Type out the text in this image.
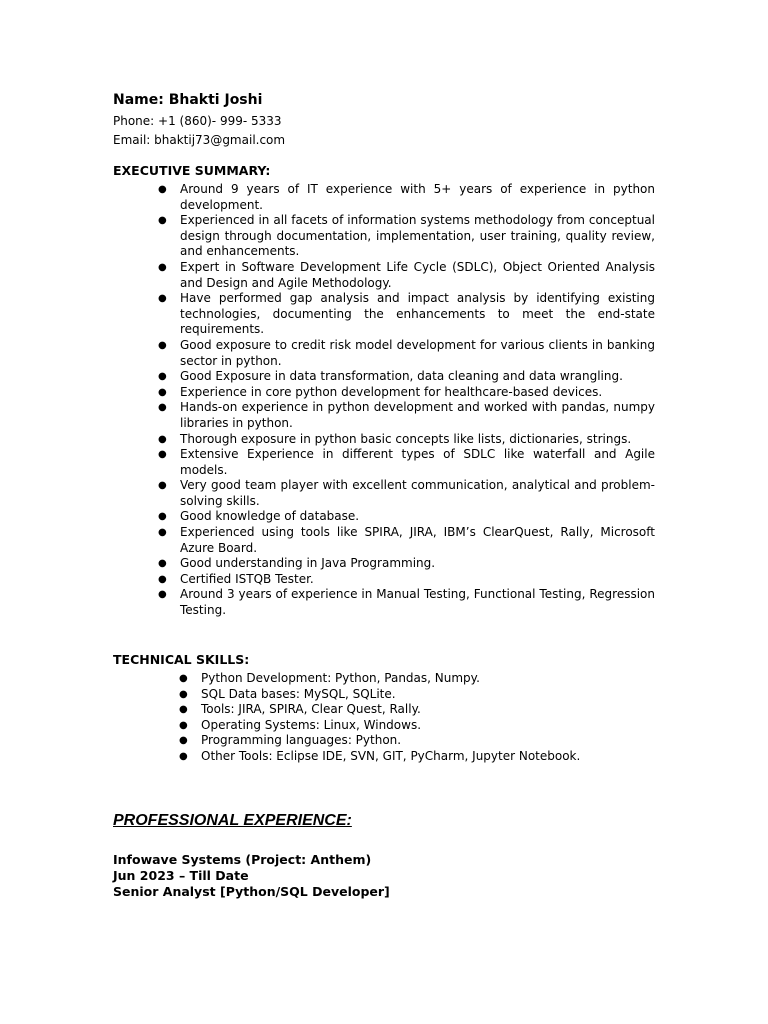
Name: Bhakti Joshi
Phone: +1 (860)- 999- 5333
Email: bhaktij73@gmail.com
EXECUTIVE SUMMARY:
● Around 9 years of IT experience with 5+ years of experience in python development.
● Experienced in all facets of information systems methodology from conceptual design through documentation, implementation, user training, quality review, and enhancements.
● Expert in Software Development Life Cycle (SDLC), Object Oriented Analysis and Design and Agile Methodology.
● Have performed gap analysis and impact analysis by identifying existing technologies, documenting the enhancements to meet the end-state requirements.
● Good exposure to credit risk model development for various clients in banking sector in python.
● Good Exposure in data transformation, data cleaning and data wrangling.
● Experience in core python development for healthcare-based devices.
● Hands-on experience in python development and worked with pandas, numpy libraries in python.
● Thorough exposure in python basic concepts like lists, dictionaries, strings.
● Extensive Experience in different types of SDLC like waterfall and Agile models.
● Very good team player with excellent communication, analytical and problem-solving skills.
● Good knowledge of database.
● Experienced using tools like SPIRA, JIRA, IBM’s ClearQuest, Rally, Microsoft Azure Board.
● Good understanding in Java Programming.
● Certified ISTQB Tester.
● Around 3 years of experience in Manual Testing, Functional Testing, Regression Testing.
TECHNICAL SKILLS:
● Python Development: Python, Pandas, Numpy.
● SQL Data bases: MySQL, SQLite.
● Tools: JIRA, SPIRA, Clear Quest, Rally.
● Operating Systems: Linux, Windows.
● Programming languages: Python.
● Other Tools: Eclipse IDE, SVN, GIT, PyCharm, Jupyter Notebook.
PROFESSIONAL EXPERIENCE:
Infowave Systems (Project: Anthem)
Jun 2023 – Till Date
Senior Analyst [Python/SQL Developer]
